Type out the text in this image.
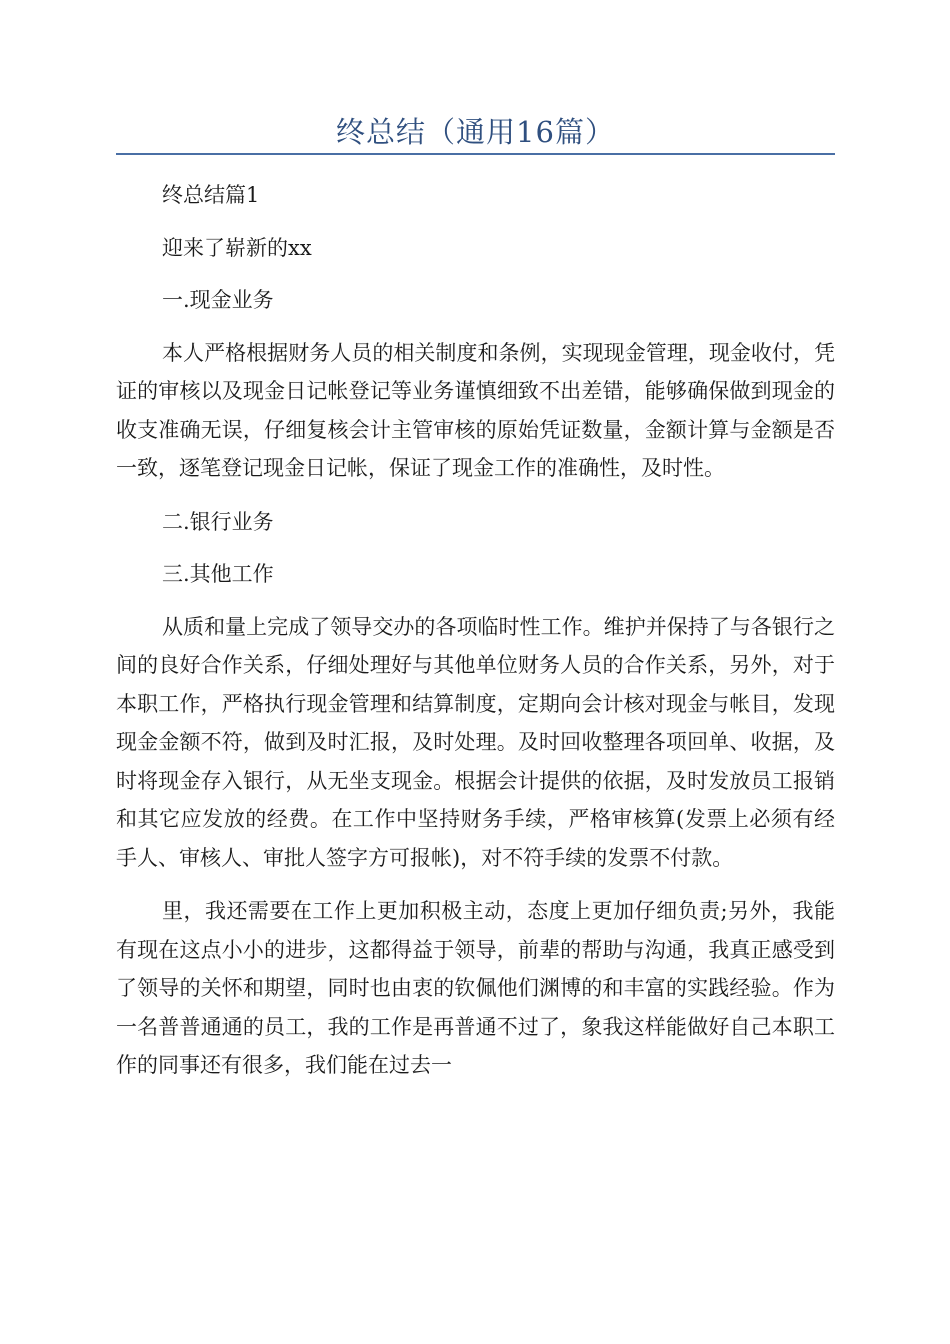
终总结（通用16篇）

终总结篇1

迎来了崭新的xx

一.现金业务

本人严格根据财务人员的相关制度和条例，实现现金管理，现金收付，凭证的审核以及现金日记帐登记等业务谨慎细致不出差错，能够确保做到现金的收支准确无误，仔细复核会计主管审核的原始凭证数量，金额计算与金额是否一致，逐笔登记现金日记帐，保证了现金工作的准确性，及时性。

二.银行业务

三.其他工作

从质和量上完成了领导交办的各项临时性工作。维护并保持了与各银行之间的良好合作关系，仔细处理好与其他单位财务人员的合作关系，另外，对于本职工作，严格执行现金管理和结算制度，定期向会计核对现金与帐目，发现现金金额不符，做到及时汇报，及时处理。及时回收整理各项回单、收据，及时将现金存入银行，从无坐支现金。根据会计提供的依据，及时发放员工报销和其它应发放的经费。在工作中坚持财务手续，严格审核算(发票上必须有经手人、审核人、审批人签字方可报帐)，对不符手续的发票不付款。

里，我还需要在工作上更加积极主动，态度上更加仔细负责;另外，我能有现在这点小小的进步，这都得益于领导，前辈的帮助与沟通，我真正感受到了领导的关怀和期望，同时也由衷的钦佩他们渊博的和丰富的实践经验。作为一名普普通通的员工，我的工作是再普通不过了，象我这样能做好自己本职工作的同事还有很多，我们能在过去一
